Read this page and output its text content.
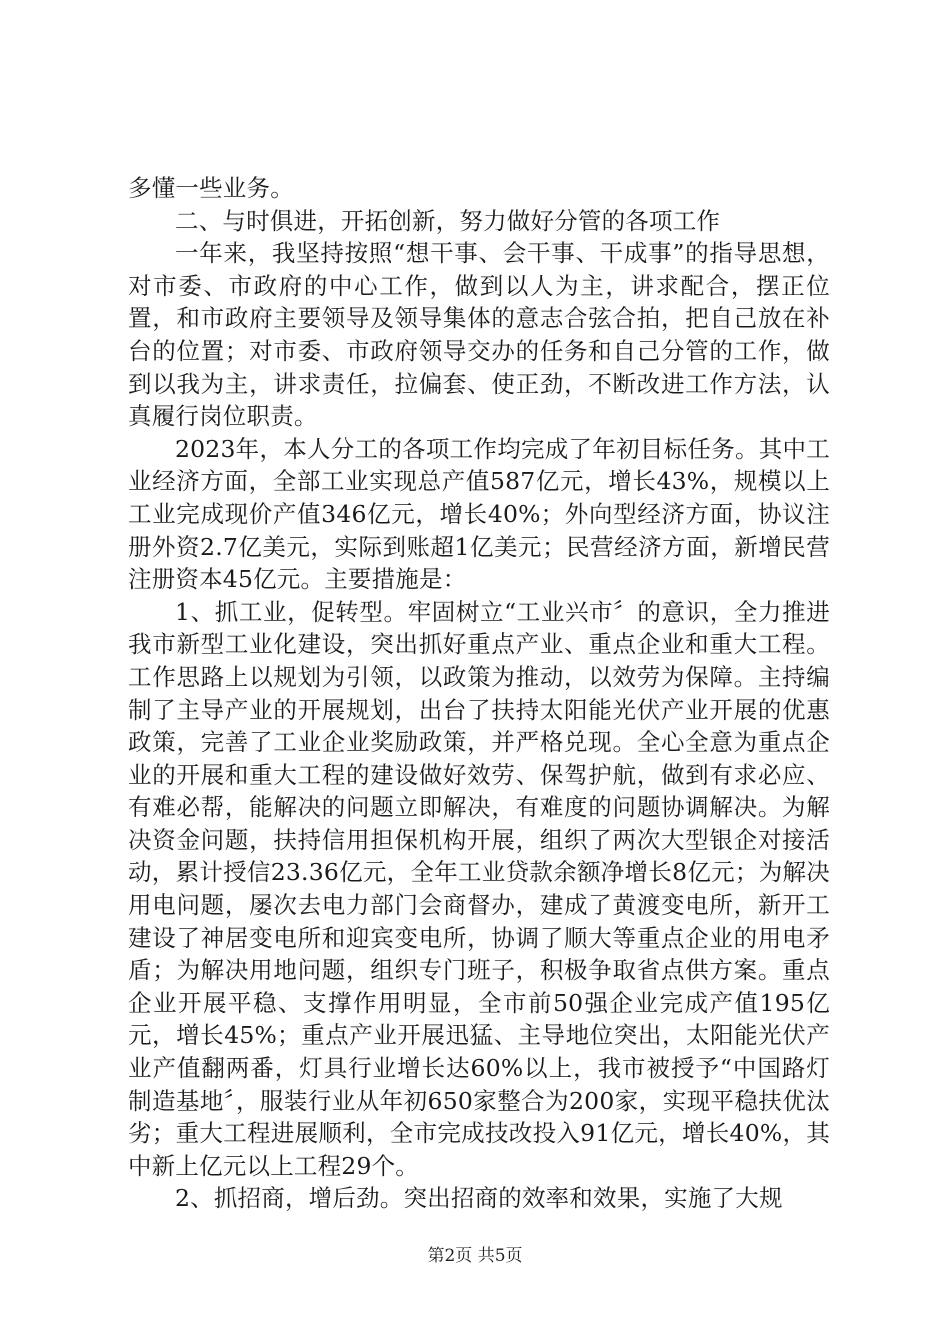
多懂一些业务。

二、与时俱进，开拓创新，努力做好分管的各项工作

一年来，我坚持按照“想干事、会干事、干成事”的指导思想，对市委、市政府的中心工作，做到以人为主，讲求配合，摆正位置，和市政府主要领导及领导集体的意志合弦合拍，把自己放在补台的位置；对市委、市政府领导交办的任务和自己分管的工作，做到以我为主，讲求责任，拉偏套、使正劲，不断改进工作方法，认真履行岗位职责。

2023年，本人分工的各项工作均完成了年初目标任务。其中工业经济方面，全部工业实现总产值587亿元，增长43%，规模以上工业完成现价产值346亿元，增长40%；外向型经济方面，协议注册外资2.7亿美元，实际到账超1亿美元；民营经济方面，新增民营注册资本45亿元。主要措施是：

1、抓工业，促转型。牢固树立“工业兴市〞的意识，全力推进我市新型工业化建设，突出抓好重点产业、重点企业和重大工程。工作思路上以规划为引领，以政策为推动，以效劳为保障。主持编制了主导产业的开展规划，出台了扶持太阳能光伏产业开展的优惠政策，完善了工业企业奖励政策，并严格兑现。全心全意为重点企业的开展和重大工程的建设做好效劳、保驾护航，做到有求必应、有难必帮，能解决的问题立即解决，有难度的问题协调解决。为解决资金问题，扶持信用担保机构开展，组织了两次大型银企对接活动，累计授信23.36亿元，全年工业贷款余额净增长8亿元；为解决用电问题，屡次去电力部门会商督办，建成了黄渡变电所，新开工建设了神居变电所和迎宾变电所，协调了顺大等重点企业的用电矛盾；为解决用地问题，组织专门班子，积极争取省点供方案。重点企业开展平稳、支撑作用明显，全市前50强企业完成产值195亿元，增长45%；重点产业开展迅猛、主导地位突出，太阳能光伏产业产值翻两番，灯具行业增长达60%以上，我市被授予“中国路灯制造基地〞，服装行业从年初650家整合为200家，实现平稳扶优汰劣；重大工程进展顺利，全市完成技改投入91亿元，增长40%，其中新上亿元以上工程29个。

2、抓招商，增后劲。突出招商的效率和效果，实施了大规

第2页 共5页
